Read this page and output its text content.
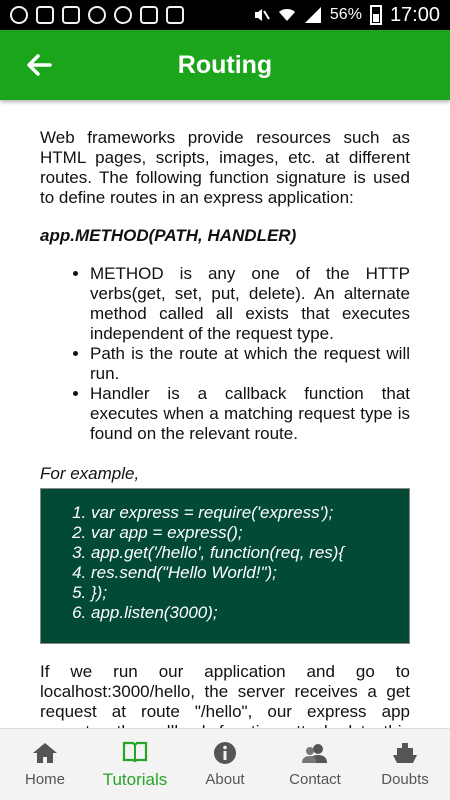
56% 17:00
Routing

Web frameworks provide resources such as HTML pages, scripts, images, etc. at different routes. The following function signature is used to define routes in an express application:

app.METHOD(PATH, HANDLER)

• METHOD is any one of the HTTP verbs(get, set, put, delete). An alternate method called all exists that executes independent of the request type.
• Path is the route at which the request will run.
• Handler is a callback function that executes when a matching request type is found on the relevant route.

For example,

1. var express = require('express');
2. var app = express();
3. app.get('/hello', function(req, res){
4. res.send("Hello World!");
5. });
6. app.listen(3000);

If we run our application and go to localhost:3000/hello, the server receives a get request at route "/hello", our express app

Home Tutorials	About	Contact	Doubts
